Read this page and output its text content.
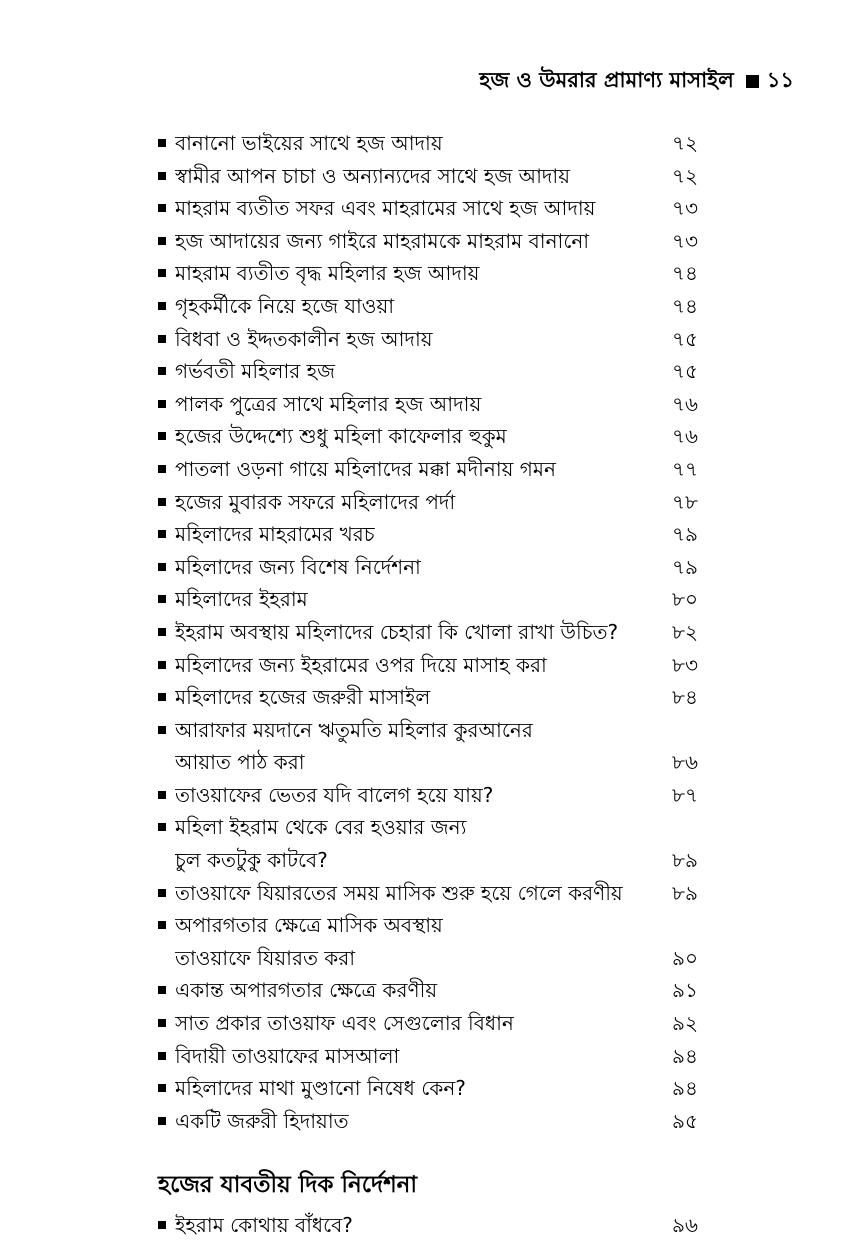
হজ ও উমরার প্রামাণ্য মাসাইল ১১
বানানো ভাইয়ের সাথে হজ আদায়	৭২
স্বামীর আপন চাচা ও অন্যান্যদের সাথে হজ আদায়	৭২
মাহরাম ব্যতীত সফর এবং মাহরামের সাথে হজ আদায়	৭৩
হজ আদায়ের জন্য গাইরে মাহরামকে মাহরাম বানানো	৭৩
মাহরাম ব্যতীত বৃদ্ধ মহিলার হজ আদায়	৭৪
গৃহকর্মীকে নিয়ে হজে যাওয়া	৭৪
বিধবা ও ইদ্দতকালীন হজ আদায়	৭৫
গর্ভবতী মহিলার হজ	৭৫
পালক পুত্রের সাথে মহিলার হজ আদায়	৭৬
হজের উদ্দেশ্যে শুধু মহিলা কাফেলার হুকুম	৭৬
পাতলা ওড়না গায়ে মহিলাদের মক্কা মদীনায় গমন	৭৭
হজের মুবারক সফরে মহিলাদের পর্দা	৭৮
মহিলাদের মাহরামের খরচ	৭৯
মহিলাদের জন্য বিশেষ নির্দেশনা	৭৯
মহিলাদের ইহরাম	৮০
ইহরাম অবস্থায় মহিলাদের চেহারা কি খোলা রাখা উচিত?	৮২
মহিলাদের জন্য ইহরামের ওপর দিয়ে মাসাহ করা	৮৩
মহিলাদের হজের জরুরী মাসাইল	৮৪
আরাফার ময়দানে ঋতুমতি মহিলার কুরআনের
আয়াত পাঠ করা	৮৬
তাওয়াফের ভেতর যদি বালেগ হয়ে যায়?	৮৭
মহিলা ইহরাম থেকে বের হওয়ার জন্য
চুল কতটুকু কাটবে?	৮৯
তাওয়াফে যিয়ারতের সময় মাসিক শুরু হয়ে গেলে করণীয়	৮৯
অপারগতার ক্ষেত্রে মাসিক অবস্থায়
তাওয়াফে যিয়ারত করা	৯০
একান্ত অপারগতার ক্ষেত্রে করণীয়	৯১
সাত প্রকার তাওয়াফ এবং সেগুলোর বিধান	৯২
বিদায়ী তাওয়াফের মাসআলা	৯৪
মহিলাদের মাথা মুণ্ডানো নিষেধ কেন?	৯৪
একটি জরুরী হিদায়াত	৯৫
হজের যাবতীয় দিক নির্দেশনা
ইহরাম কোথায় বাঁধবে?	৯৬
